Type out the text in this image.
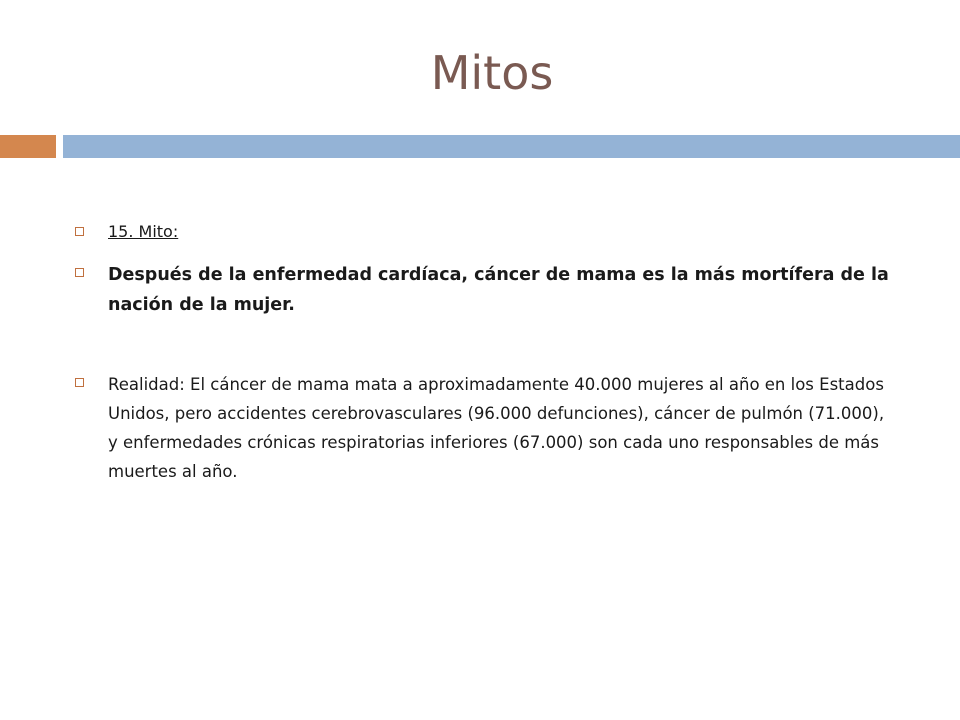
Mitos
15. Mito:
Después de la enfermedad cardíaca, cáncer de mama es la más mortífera de la nación de la mujer.
Realidad: El cáncer de mama mata a aproximadamente 40.000 mujeres al año en los Estados Unidos, pero accidentes cerebrovasculares (96.000 defunciones), cáncer de pulmón (71.000), y enfermedades crónicas respiratorias inferiores (67.000) son cada uno responsables de más muertes al año.
